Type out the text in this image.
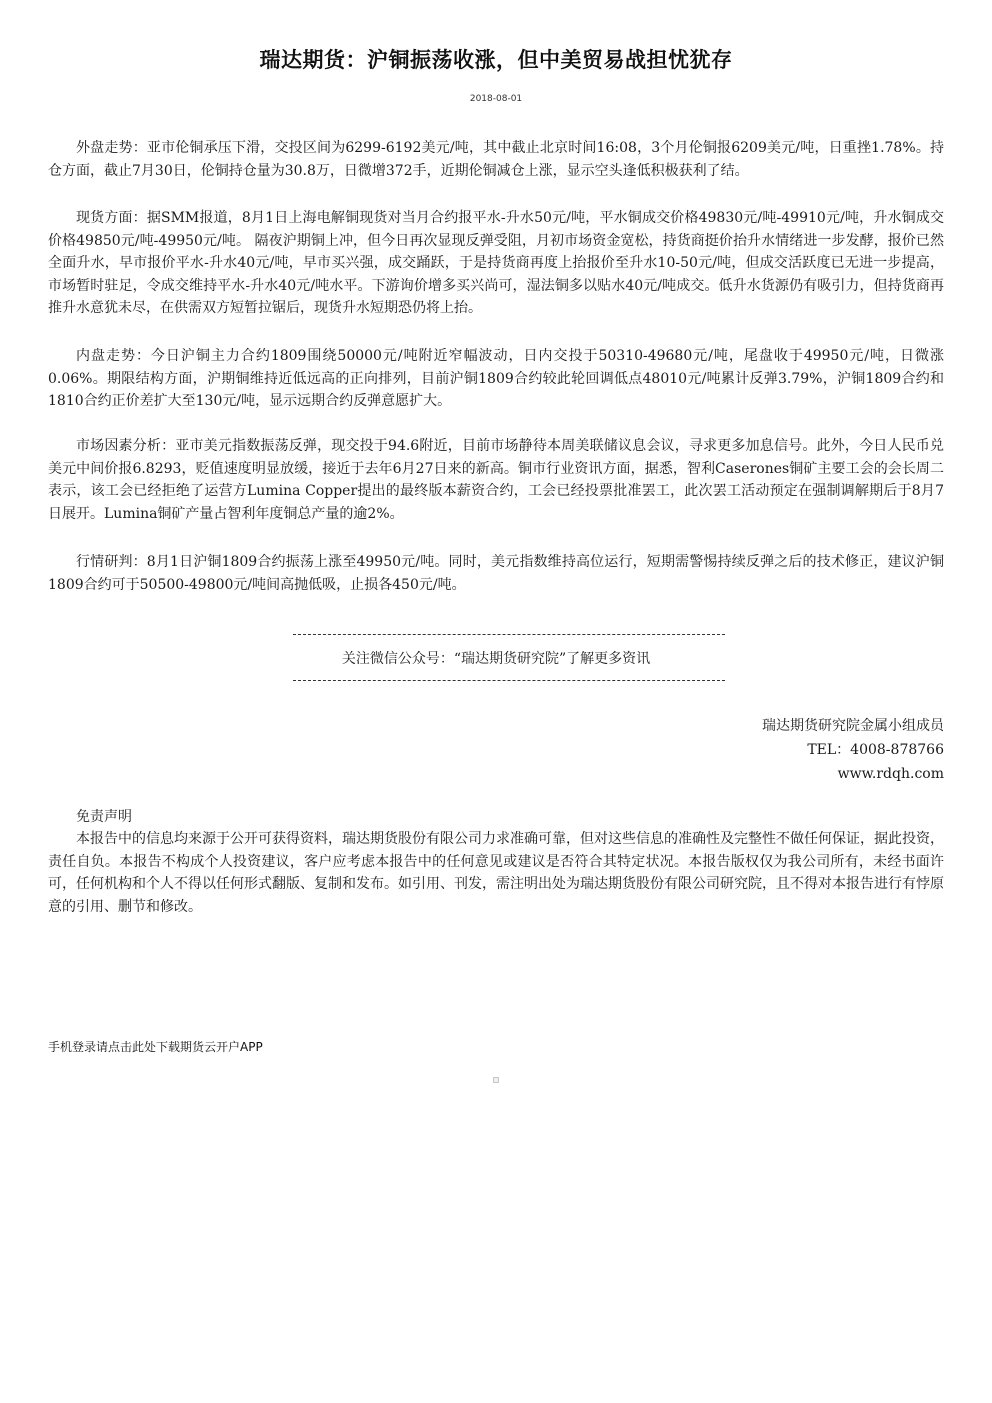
瑞达期货：沪铜振荡收涨，但中美贸易战担忧犹存
2018-08-01

外盘走势：亚市伦铜承压下滑，交投区间为6299-6192美元/吨，其中截止北京时间16:08，3个月伦铜报6209美元/吨，日重挫1.78%。持仓方面，截止7月30日，伦铜持仓量为30.8万，日微增372手，近期伦铜减仓上涨，显示空头逢低积极获利了结。

现货方面：据SMM报道，8月1日上海电解铜现货对当月合约报平水-升水50元/吨，平水铜成交价格49830元/吨-49910元/吨，升水铜成交价格49850元/吨-49950元/吨。 隔夜沪期铜上冲，但今日再次显现反弹受阻，月初市场资金宽松，持货商挺价抬升水情绪进一步发酵，报价已然全面升水，早市报价平水-升水40元/吨，早市买兴强，成交踊跃，于是持货商再度上抬报价至升水10-50元/吨，但成交活跃度已无进一步提高，市场暂时驻足，令成交维持平水-升水40元/吨水平。下游询价增多买兴尚可，湿法铜多以贴水40元/吨成交。低升水货源仍有吸引力，但持货商再推升水意犹未尽，在供需双方短暂拉锯后，现货升水短期恐仍将上抬。

内盘走势：今日沪铜主力合约1809围绕50000元/吨附近窄幅波动，日内交投于50310-49680元/吨，尾盘收于49950元/吨，日微涨0.06%。期限结构方面，沪期铜维持近低远高的正向排列，目前沪铜1809合约较此轮回调低点48010元/吨累计反弹3.79%，沪铜1809合约和1810合约正价差扩大至130元/吨，显示远期合约反弹意愿扩大。

市场因素分析：亚市美元指数振荡反弹，现交投于94.6附近，目前市场静待本周美联储议息会议，寻求更多加息信号。此外，今日人民币兑美元中间价报6.8293，贬值速度明显放缓，接近于去年6月27日来的新高。铜市行业资讯方面，据悉，智利Caserones铜矿主要工会的会长周二表示，该工会已经拒绝了运营方Lumina Copper提出的最终版本薪资合约，工会已经投票批准罢工，此次罢工活动预定在强制调解期后于8月7日展开。Lumina铜矿产量占智利年度铜总产量的逾2%。

行情研判：8月1日沪铜1809合约振荡上涨至49950元/吨。同时，美元指数维持高位运行，短期需警惕持续反弹之后的技术修正，建议沪铜1809合约可于50500-49800元/吨间高抛低吸，止损各450元/吨。

关注微信公众号：“瑞达期货研究院”了解更多资讯
瑞达期货研究院金属小组成员
TEL：4008-878766
www.rdqh.com
免责声明

本报告中的信息均来源于公开可获得资料，瑞达期货股份有限公司力求准确可靠，但对这些信息的准确性及完整性不做任何保证，据此投资，责任自负。本报告不构成个人投资建议，客户应考虑本报告中的任何意见或建议是否符合其特定状况。本报告版权仅为我公司所有，未经书面许可，任何机构和个人不得以任何形式翻版、复制和发布。如引用、刊发，需注明出处为瑞达期货股份有限公司研究院，且不得对本报告进行有悖原意的引用、删节和修改。

手机登录请点击此处下载期货云开户APP
